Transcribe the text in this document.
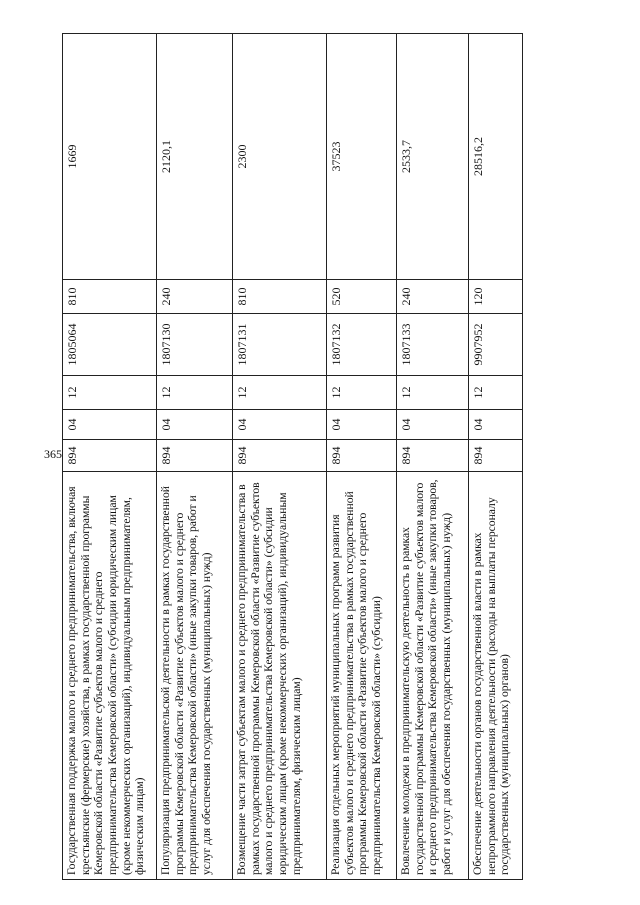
365
Государственная поддержка малого и среднего предпринимательства, включая крестьянские (фермерские) хозяйства, в рамках государственной программы Кемеровской области «Развитие субъектов малого и среднего предпринимательства Кемеровской области» (субсидии юридическим лицам (кроме некоммерческих организаций), индивидуальным предпринимателям, физическим лицам)	894	04	12	1805064	810	1669
Популяризация предпринимательской деятельности в рамках государственной программы Кемеровской области «Развитие субъектов малого и среднего предпринимательства Кемеровской области» (иные закупки товаров, работ и услуг для обеспечения государственных (муниципальных) нужд)	894	04	12	1807130	240	2120,1
Возмещение части затрат субъектам малого и среднего предпринимательства в рамках государственной программы Кемеровской области «Развитие субъектов малого и среднего предпринимательства Кемеровской области» (субсидии юридическим лицам (кроме некоммерческих организаций), индивидуальным предпринимателям, физическим лицам)	894	04	12	1807131	810	2300
Реализация отдельных мероприятий муниципальных программ развития субъектов малого и среднего предпринимательства в рамках государственной программы Кемеровской области «Развитие субъектов малого и среднего предпринимательства Кемеровской области» (субсидии)	894	04	12	1807132	520	37523
Вовлечение молодежи в предпринимательскую деятельность в рамках государственной программы Кемеровской области «Развитие субъектов малого и среднего предпринимательства Кемеровской области» (иные закупки товаров, работ и услуг для обеспечения государственных (муниципальных) нужд)	894	04	12	1807133	240	2533,7
Обеспечение деятельности органов государственной власти в рамках непрограммного направления деятельности (расходы на выплаты персоналу государственных (муниципальных) органов)	894	04	12	9907952	120	28516,2
